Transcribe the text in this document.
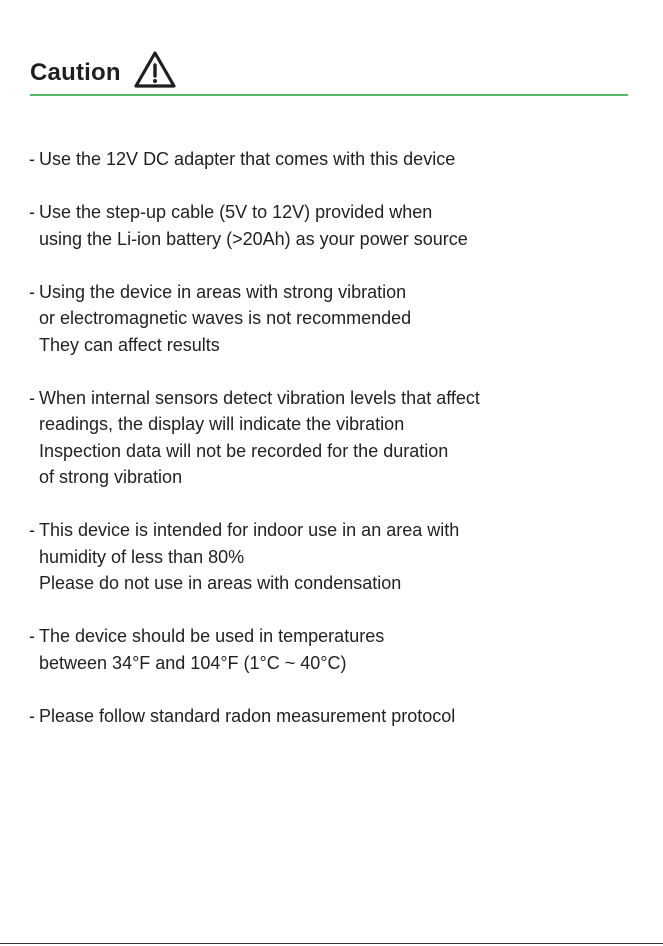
Caution
- Use the 12V DC adapter that comes with this device
- Use the step-up cable (5V to 12V) provided when
using the Li-ion battery (>20Ah) as your power source
- Using the device in areas with strong vibration
or electromagnetic waves is not recommended
They can affect results
- When internal sensors detect vibration levels that affect
readings, the display will indicate the vibration
Inspection data will not be recorded for the duration
of strong vibration
- This device is intended for indoor use in an area with
humidity of less than 80%
Please do not use in areas with condensation
- The device should be used in temperatures
between 34°F and 104°F (1°C ~ 40°C)
- Please follow standard radon measurement protocol
